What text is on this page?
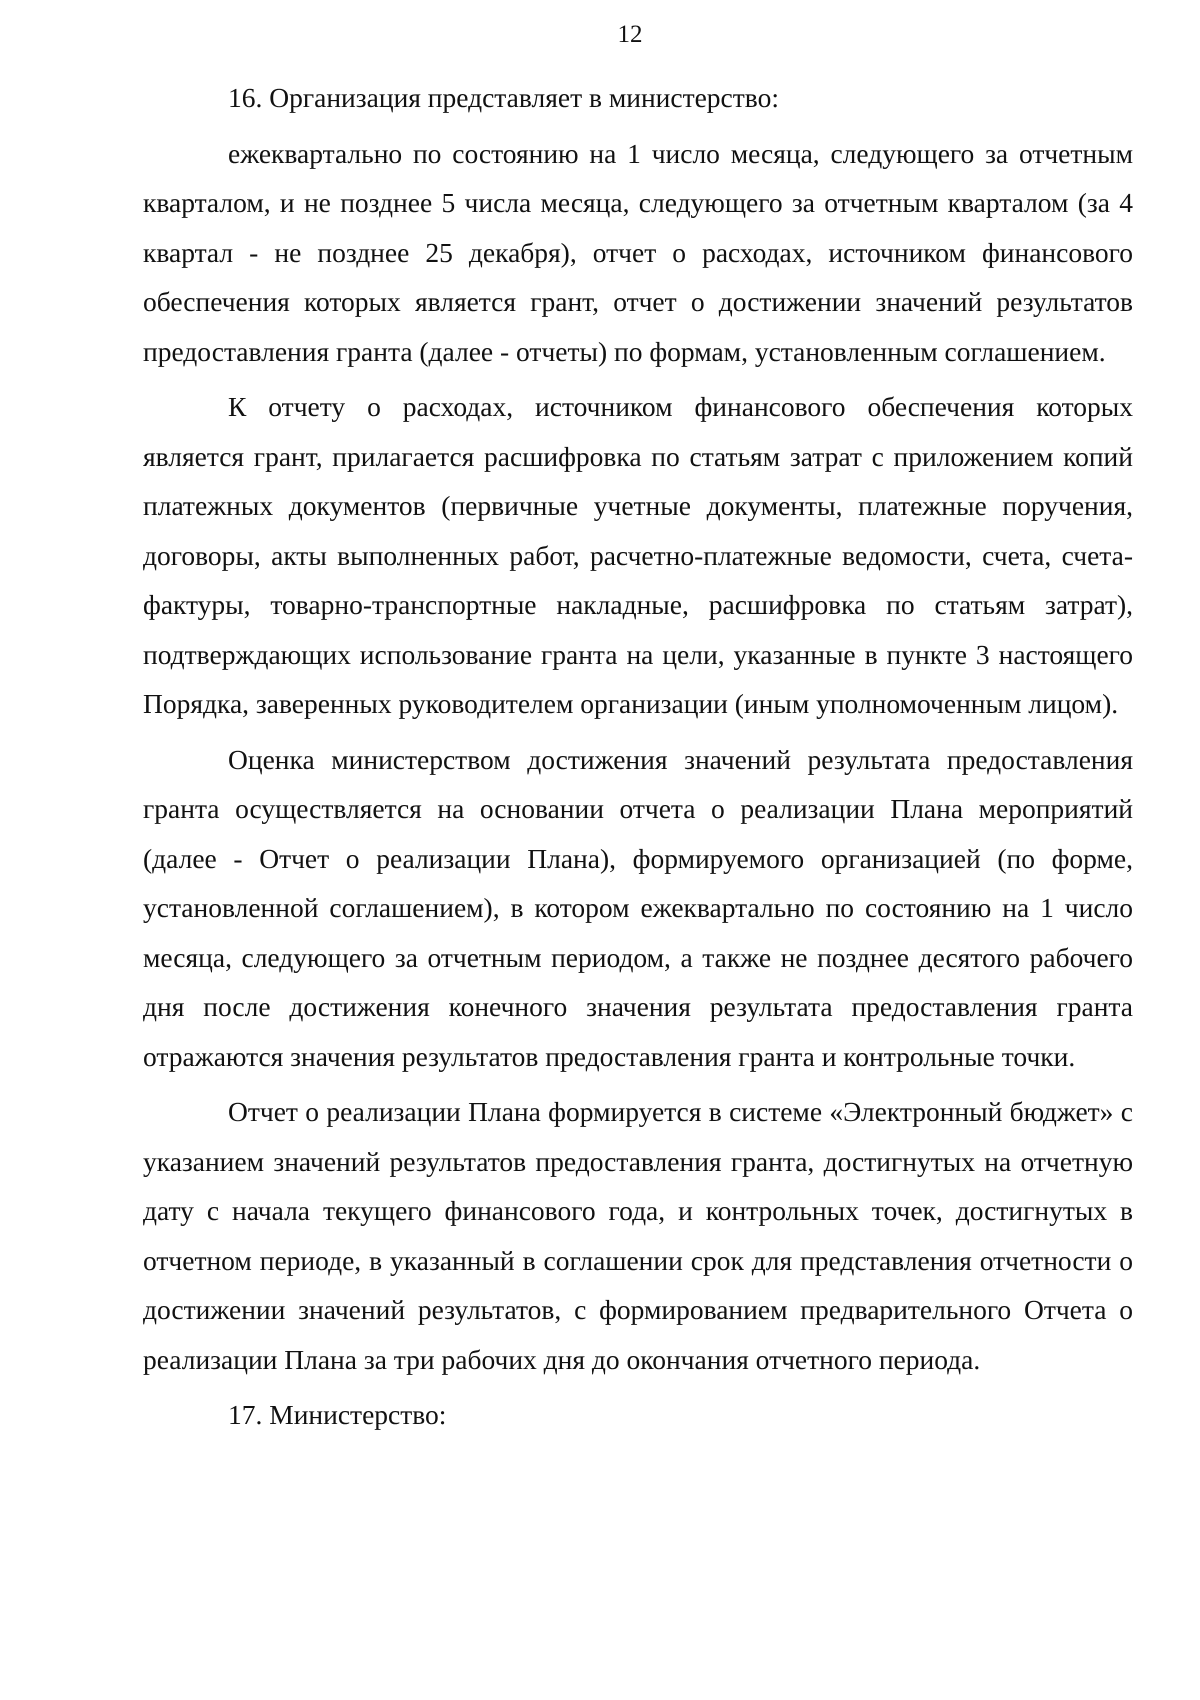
12

16. Организация представляет в министерство:

ежеквартально по состоянию на 1 число месяца, следующего за отчетным кварталом, и не позднее 5 числа месяца, следующего за отчетным кварталом (за 4 квартал - не позднее 25 декабря), отчет о расходах, источником финансового обеспечения которых является грант, отчет о достижении значений результатов предоставления гранта (далее - отчеты) по формам, установленным соглашением.

К отчету о расходах, источником финансового обеспечения которых является грант, прилагается расшифровка по статьям затрат с приложением копий платежных документов (первичные учетные документы, платежные поручения, договоры, акты выполненных работ, расчетно-платежные ведомости, счета, счета-фактуры, товарно-транспортные накладные, расшифровка по статьям затрат), подтверждающих использование гранта на цели, указанные в пункте 3 настоящего Порядка, заверенных руководителем организации (иным уполномоченным лицом).

Оценка министерством достижения значений результата предоставления гранта осуществляется на основании отчета о реализации Плана мероприятий (далее - Отчет о реализации Плана), формируемого организацией (по форме, установленной соглашением), в котором ежеквартально по состоянию на 1 число месяца, следующего за отчетным периодом, а также не позднее десятого рабочего дня после достижения конечного значения результата предоставления гранта отражаются значения результатов предоставления гранта и контрольные точки.

Отчет о реализации Плана формируется в системе «Электронный бюджет» с указанием значений результатов предоставления гранта, достигнутых на отчетную дату с начала текущего финансового года, и контрольных точек, достигнутых в отчетном периоде, в указанный в соглашении срок для представления отчетности о достижении значений результатов, с формированием предварительного Отчета о реализации Плана за три рабочих дня до окончания отчетного периода.

17. Министерство:
